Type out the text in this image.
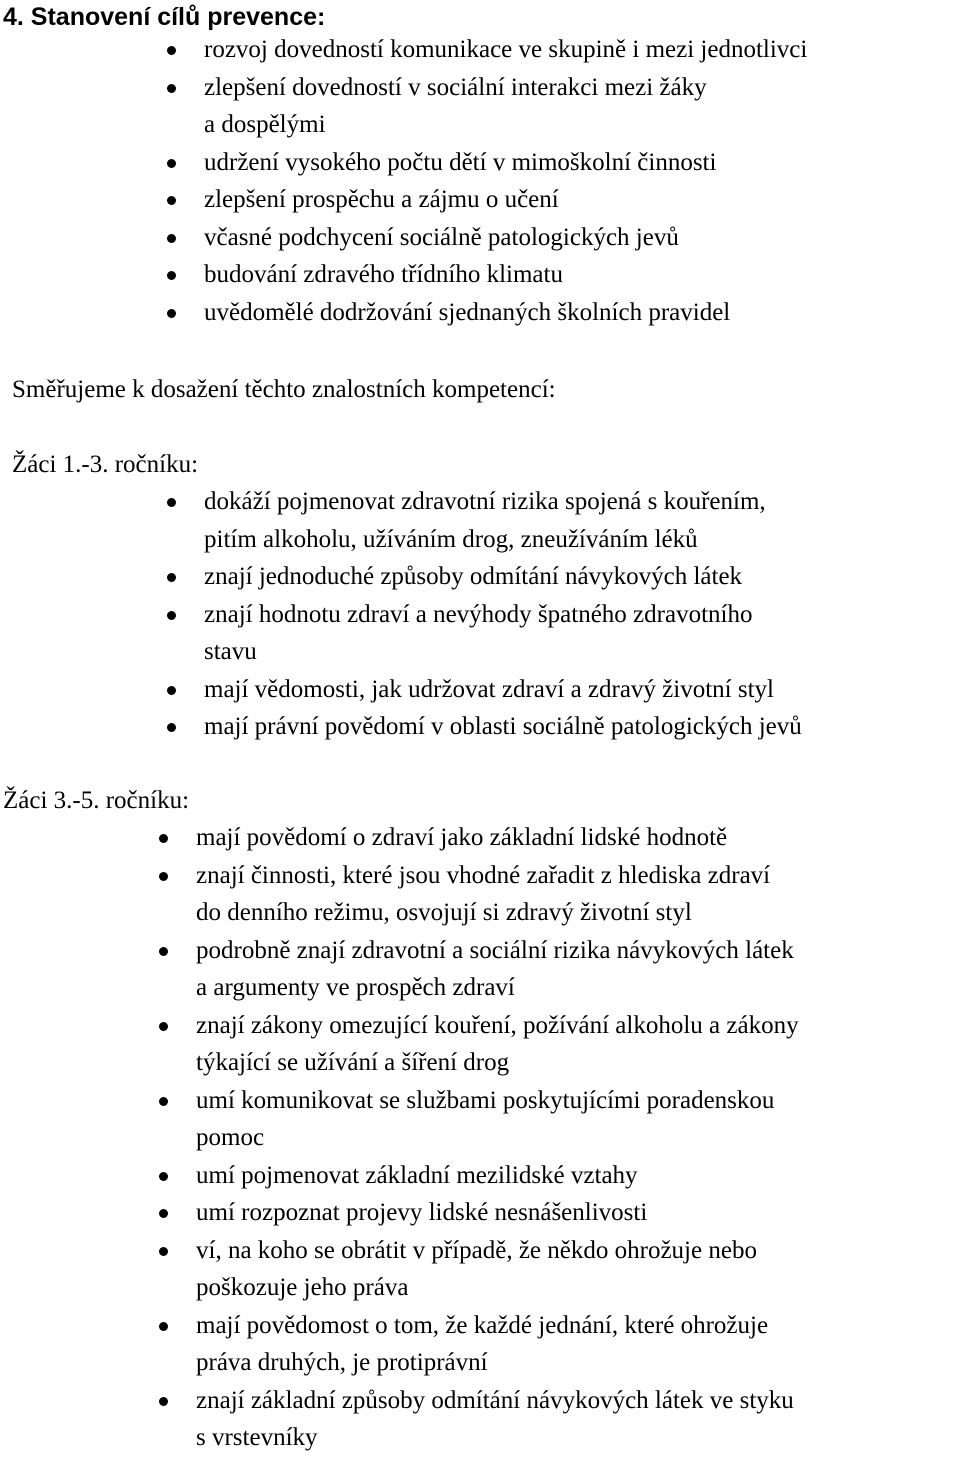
4. Stanovení cílů prevence:
rozvoj dovedností komunikace ve skupině i mezi jednotlivci
zlepšení dovedností v sociální interakci mezi žáky
a dospělými
udržení vysokého počtu dětí v mimoškolní činnosti
zlepšení prospěchu a zájmu o učení
včasné podchycení sociálně patologických jevů
budování zdravého třídního klimatu
uvědomělé dodržování sjednaných školních pravidel
Směřujeme k dosažení těchto znalostních kompetencí:
Žáci 1.-3. ročníku:
dokáží pojmenovat zdravotní rizika spojená s kouřením,
pitím alkoholu, užíváním drog, zneužíváním léků
znají jednoduché způsoby odmítání návykových látek
znají hodnotu zdraví a nevýhody špatného zdravotního
stavu
mají vědomosti, jak udržovat zdraví a zdravý životní styl
mají právní povědomí v oblasti sociálně patologických jevů
Žáci 3.-5. ročníku:
mají povědomí o zdraví jako základní lidské hodnotě
znají činnosti, které jsou vhodné zařadit z hlediska zdraví
do denního režimu, osvojují si zdravý životní styl
podrobně znají zdravotní a sociální rizika návykových látek
a argumenty ve prospěch zdraví
znají zákony omezující kouření, požívání alkoholu a zákony
týkající se užívání a šíření drog
umí komunikovat se službami poskytujícími poradenskou
pomoc
umí pojmenovat základní mezilidské vztahy
umí rozpoznat projevy lidské nesnášenlivosti
ví, na koho se obrátit v případě, že někdo ohrožuje nebo
poškozuje jeho práva
mají povědomost o tom, že každé jednání, které ohrožuje
práva druhých, je protiprávní
znají základní způsoby odmítání návykových látek ve styku
s vrstevníky
